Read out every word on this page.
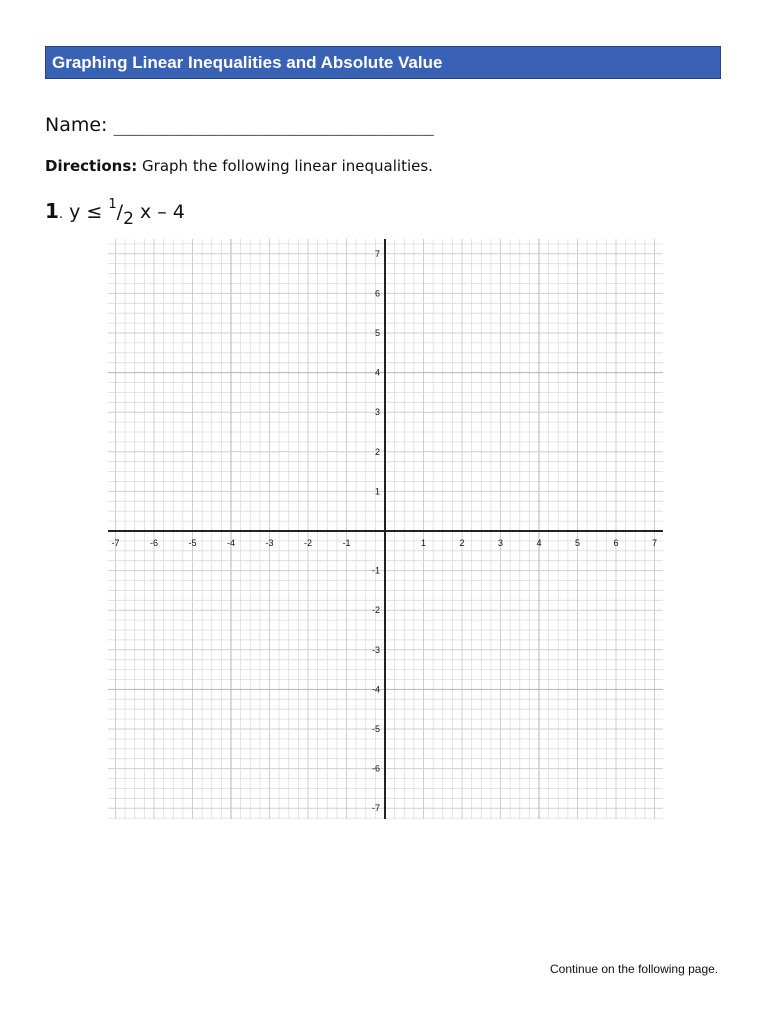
Graphing Linear Inequalities and Absolute Value
Name: ____________________________
Directions: Graph the following linear inequalities.
1. $y \le ^1/_2$ x – 4
-7	-6	-5	-4	-3	-2	-1	1	2	3	4	5	6	7
7
6
5
4
3
2
1
-1
-2
-3
-4
-5
-6
-7
Continue on the following page.
